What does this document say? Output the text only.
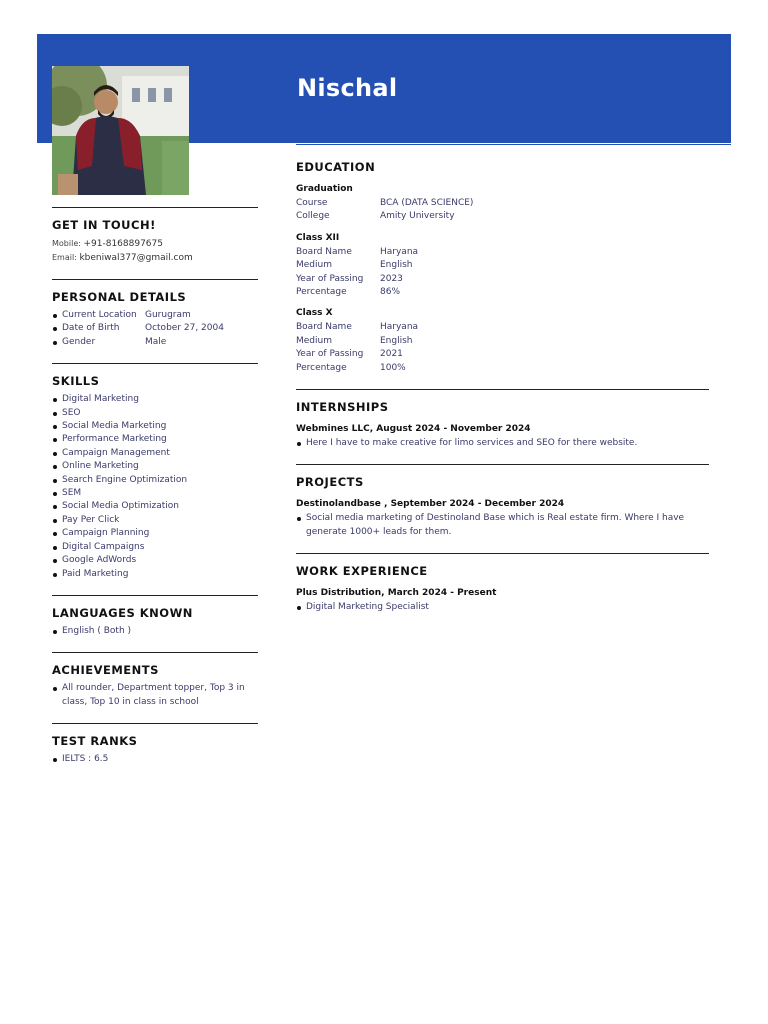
Nischal
GET IN TOUCH!
Mobile: +91-8168897675
Email: kbeniwal377@gmail.com
PERSONAL DETAILS
Current Location Gurugram
Date of Birth	October 27, 2004
Gender	Male
SKILLS
Digital Marketing
SEO
Social Media Marketing
Performance Marketing
Campaign Management
Online Marketing
Search Engine Optimization
SEM
Social Media Optimization
Pay Per Click
Campaign Planning
Digital Campaigns
Google AdWords
Paid Marketing
LANGUAGES KNOWN
English ( Both )
ACHIEVEMENTS
All rounder, Department topper, Top 3 in class, Top 10 in class in school
TEST RANKS
IELTS : 6.5
EDUCATION
Graduation
Course	BCA (DATA SCIENCE)
College	Amity University
Class XII
Board Name	Haryana
Medium	English
Year of Passing	2023
Percentage	86%
Class X
Board Name	Haryana
Medium	English
Year of Passing	2021
Percentage	100%
INTERNSHIPS
Webmines LLC, August 2024 - November 2024
Here I have to make creative for limo services and SEO for there website.
PROJECTS
Destinolandbase , September 2024 - December 2024
Social media marketing of Destinoland Base which is Real estate firm. Where I have generate 1000+ leads for them.
WORK EXPERIENCE
Plus Distribution, March 2024 - Present
Digital Marketing Specialist
